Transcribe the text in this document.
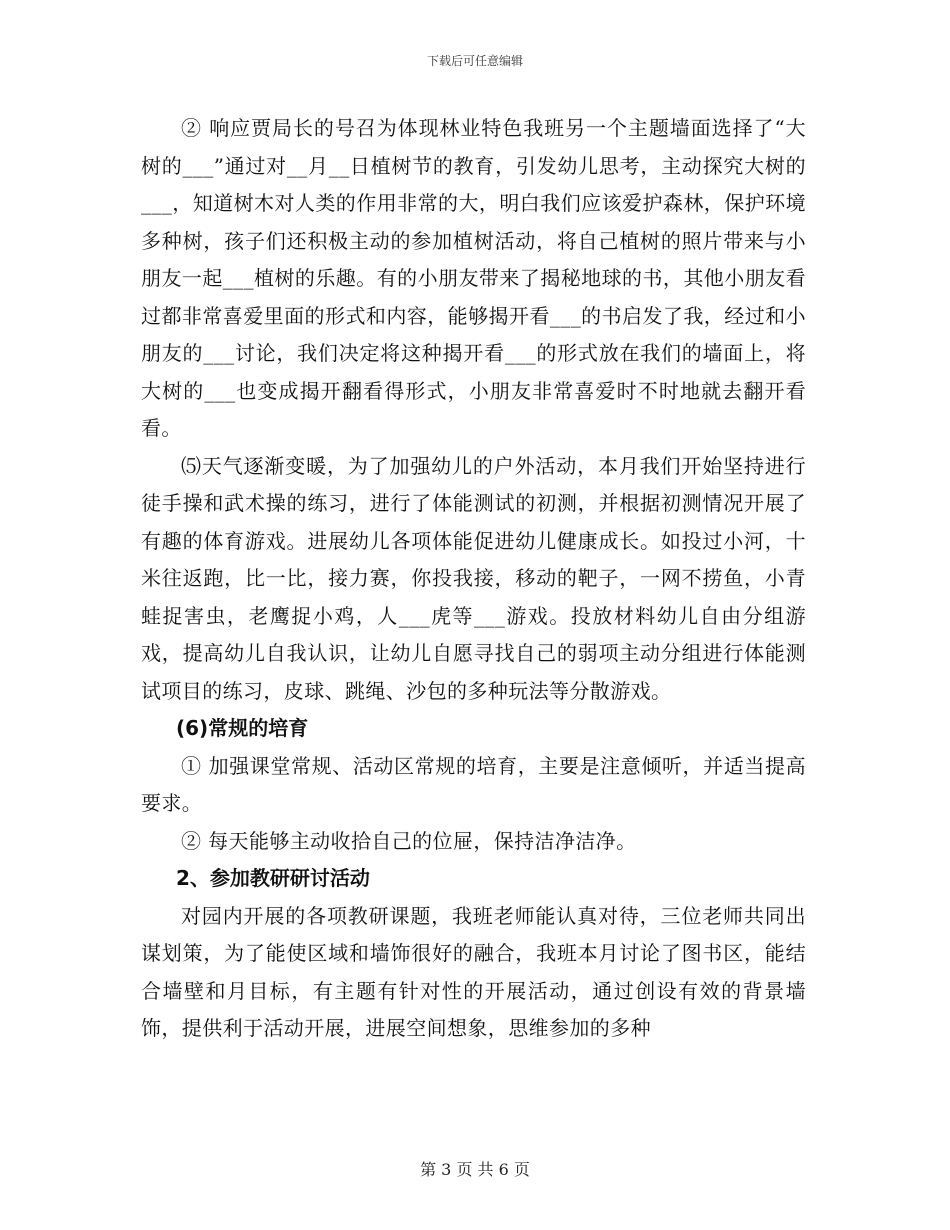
下载后可任意编辑

② 响应贾局长的号召为体现林业特色我班另一个主题墙面选择了“大树的___”通过对__月__日植树节的教育，引发幼儿思考，主动探究大树的___，知道树木对人类的作用非常的大，明白我们应该爱护森林，保护环境多种树，孩子们还积极主动的参加植树活动，将自己植树的照片带来与小朋友一起___植树的乐趣。有的小朋友带来了揭秘地球的书，其他小朋友看过都非常喜爱里面的形式和内容，能够揭开看___的书启发了我，经过和小朋友的___讨论，我们决定将这种揭开看___的形式放在我们的墙面上，将大树的___也变成揭开翻看得形式，小朋友非常喜爱时不时地就去翻开看看。

⑸天气逐渐变暖，为了加强幼儿的户外活动，本月我们开始坚持进行徒手操和武术操的练习，进行了体能测试的初测，并根据初测情况开展了有趣的体育游戏。进展幼儿各项体能促进幼儿健康成长。如投过小河，十米往返跑，比一比，接力赛，你投我接，移动的靶子，一网不捞鱼，小青蛙捉害虫，老鹰捉小鸡，人___虎等___游戏。投放材料幼儿自由分组游戏，提高幼儿自我认识，让幼儿自愿寻找自己的弱项主动分组进行体能测试项目的练习，皮球、跳绳、沙包的多种玩法等分散游戏。

(6)常规的培育

① 加强课堂常规、活动区常规的培育，主要是注意倾听，并适当提高要求。

② 每天能够主动收拾自己的位屉，保持洁净洁净。

2、参加教研研讨活动

对园内开展的各项教研课题，我班老师能认真对待，三位老师共同出谋划策，为了能使区域和墙饰很好的融合，我班本月讨论了图书区，能结合墙壁和月目标，有主题有针对性的开展活动，通过创设有效的背景墙饰，提供利于活动开展，进展空间想象，思维参加的多种

第 3 页 共 6 页
